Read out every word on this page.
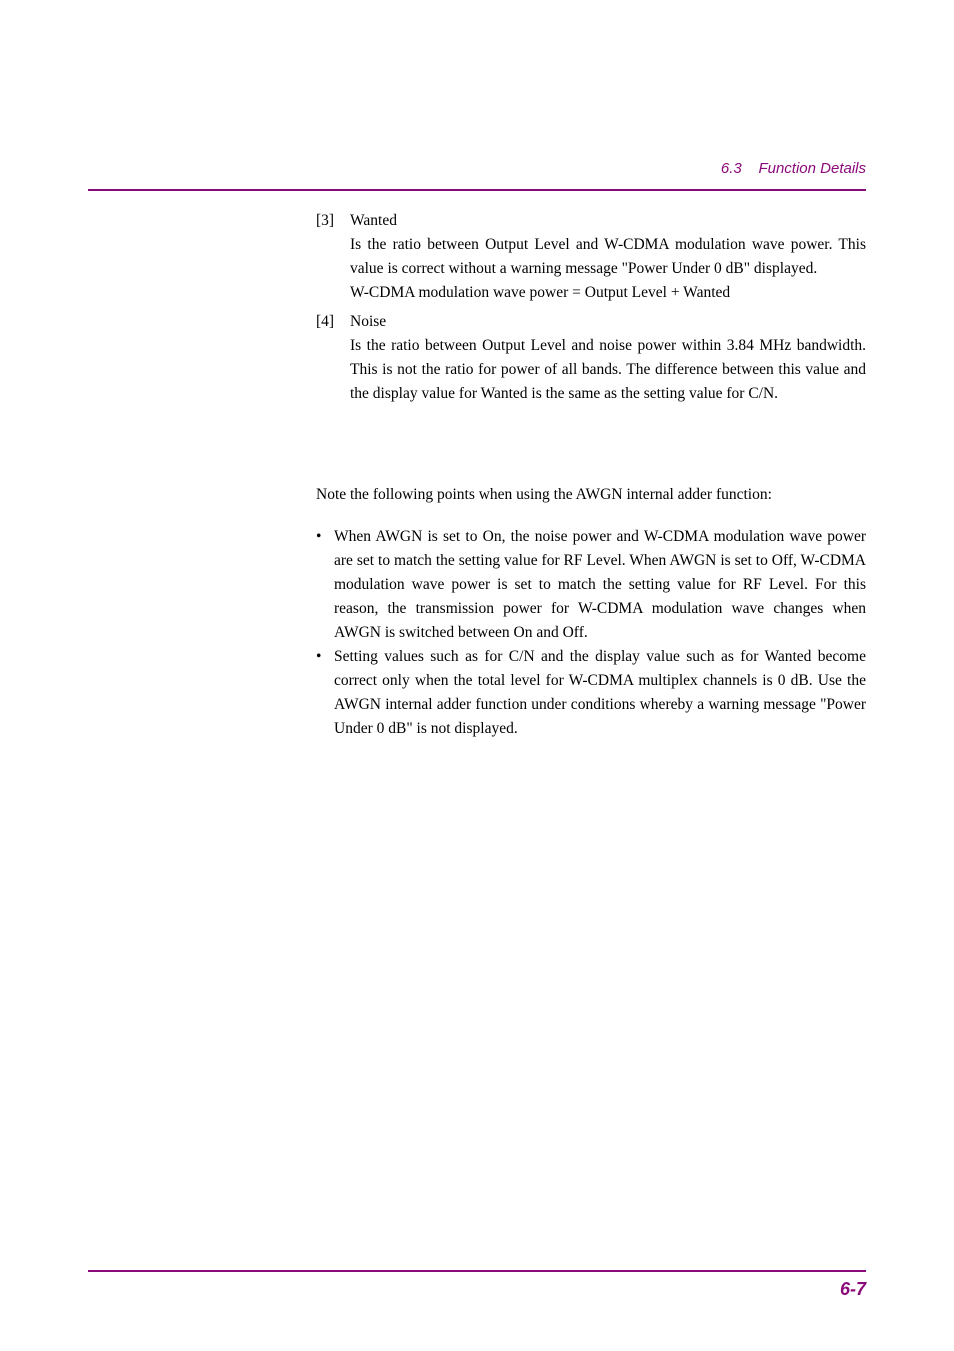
6.3    Function Details
[3]	Wanted

Is the ratio between Output Level and W-CDMA modulation wave power. This value is correct without a warning message "Power Under 0 dB" displayed.

W-CDMA modulation wave power = Output Level + Wanted

[4]	Noise

Is the ratio between Output Level and noise power within 3.84 MHz bandwidth. This is not the ratio for power of all bands. The difference between this value and the display value for Wanted is the same as the setting value for C/N.

Note the following points when using the AWGN internal adder function:

• When AWGN is set to On, the noise power and W-CDMA modulation wave power are set to match the setting value for RF Level. When AWGN is set to Off, W-CDMA modulation wave power is set to match the setting value for RF Level. For this reason, the transmission power for W-CDMA modulation wave changes when AWGN is switched between On and Off.
• Setting values such as for C/N and the display value such as for Wanted become correct only when the total level for W-CDMA multiplex channels is 0 dB. Use the AWGN internal adder function under conditions whereby a warning message "Power Under 0 dB" is not displayed.
6-7
